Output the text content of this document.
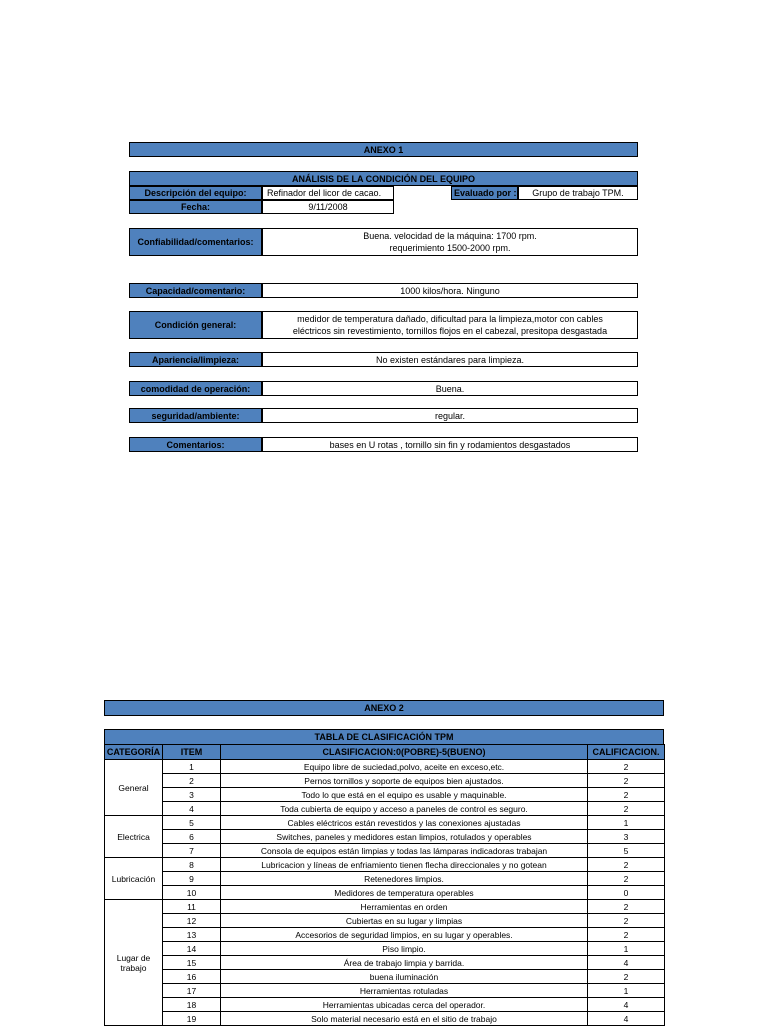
ANEXO 1
ANÁLISIS DE LA CONDICIÓN DEL EQUIPO
Descripción del equipo:	Refinador del licor de cacao.	Evaluado por :	Grupo de trabajo TPM.
Fecha:	9/11/2008
Confiabilidad/comentarios:
Buena. velocidad de la máquina: 1700 rpm.
requerimiento 1500-2000 rpm.
Capacidad/comentario:	1000 kilos/hora. Ninguno
Condición general:
medidor de temperatura dañado, dificultad para la limpieza,motor con cables
eléctricos sin revestimiento, tornillos flojos en el cabezal, presitopa desgastada
Apariencia/limpieza:	No existen estándares para limpieza.
comodidad de operación:	Buena.
seguridad/ambiente:	regular.
Comentarios:	bases en U rotas , tornillo sin fin y rodamientos desgastados
ANEXO 2
TABLA DE CLASIFICACIÓN TPM
CATEGORÍA	ITEM	CLASIFICACION:0(POBRE)-5(BUENO)	CALIFICACION.
General	1	Equipo libre de suciedad,polvo, aceite en exceso,etc.	2
	2	Pernos tornillos y soporte de equipos bien ajustados.	2
	3	Todo lo que está en el equipo es usable y maquinable.	2
	4	Toda cubierta de equipo y acceso a paneles de control es seguro.	2
Electrica	5	Cables eléctricos están revestidos y las conexiones ajustadas	1
	6	Switches, paneles y medidores estan limpios, rotulados y operables	3
	7	Consola de equipos están limpias y todas las lámparas indicadoras trabajan	5
Lubricación	8	Lubricacion y líneas de enfriamiento tienen flecha direccionales y no gotean	2
	9	Retenedores limpios.	2
	10	Medidores de temperatura operables	0
Lugar de trabajo	11	Herramientas en orden	2
	12	Cubiertas en su lugar y limpias	2
	13	Accesorios de seguridad limpios, en su lugar y operables.	2
	14	Piso limpio.	1
	15	Área de trabajo limpia y barrida.	4
	16	buena iluminación	2
	17	Herramientas rotuladas	1
	18	Herramientas ubicadas cerca del operador.	4
	19	Solo material necesario está en el sitio de trabajo	4
